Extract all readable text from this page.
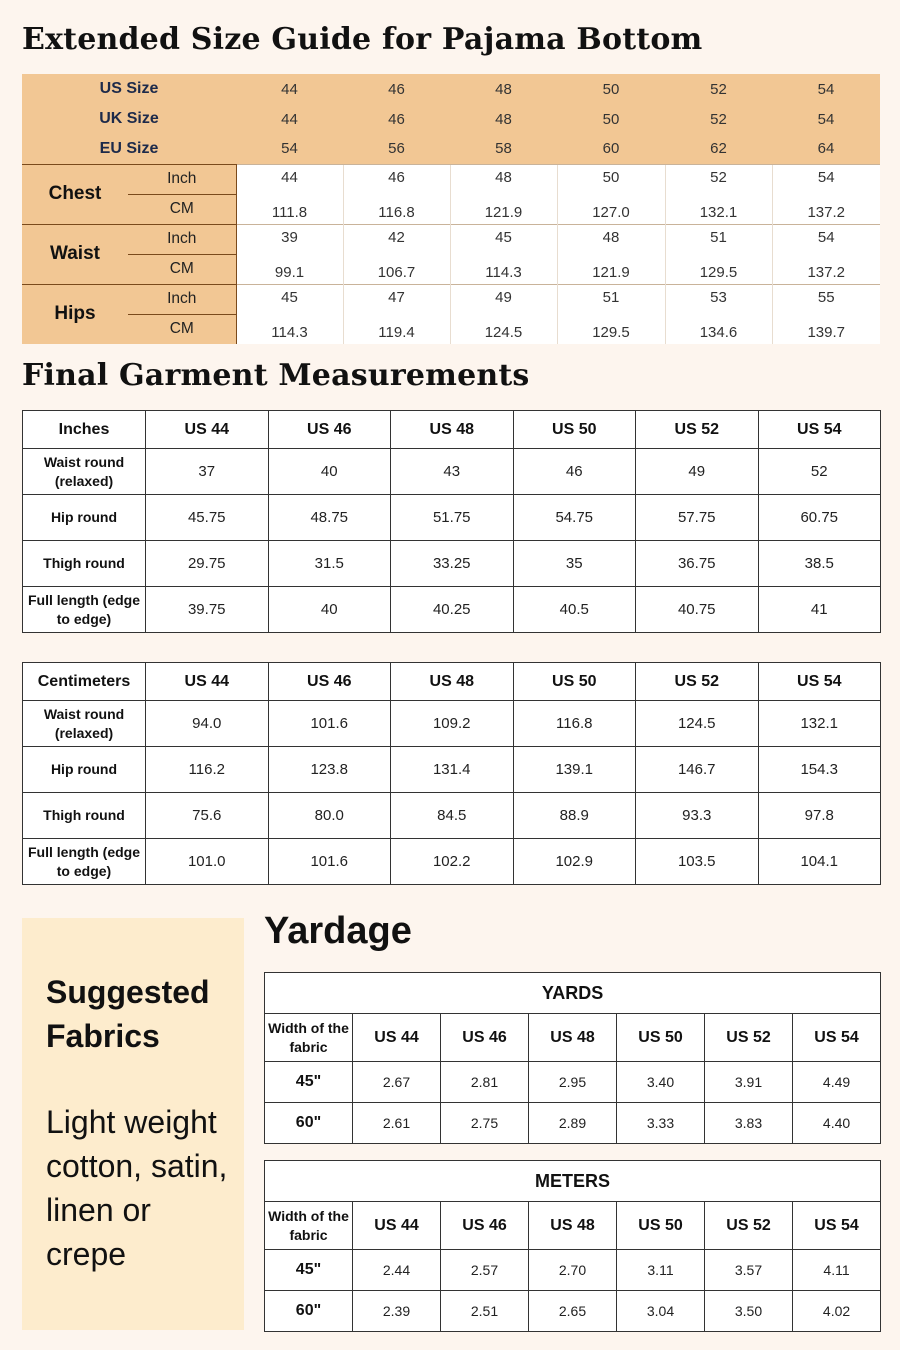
Extended Size Guide for Pajama Bottom
US Size		44	46	48	50	52	54
UK Size		44	46	48	50	52	54
EU Size		54	56	58	60	62	64
Chest	Inch	44	46	48	50	52	54
	CM	111.8	116.8	121.9	127.0	132.1	137.2
Waist	Inch	39	42	45	48	51	54
	CM	99.1	106.7	114.3	121.9	129.5	137.2
Hips	Inch	45	47	49	51	53	55
	CM	114.3	119.4	124.5	129.5	134.6	139.7
Final Garment Measurements
Inches	US 44	US 46	US 48	US 50	US 52	US 54
Waist round (relaxed)	37	40	43	46	49	52
Hip round	45.75	48.75	51.75	54.75	57.75	60.75
Thigh round	29.75	31.5	33.25	35	36.75	38.5
Full length (edge to edge)	39.75	40	40.25	40.5	40.75	41
Centimeters	US 44	US 46	US 48	US 50	US 52	US 54
Waist round (relaxed)	94.0	101.6	109.2	116.8	124.5	132.1
Hip round	116.2	123.8	131.4	139.1	146.7	154.3
Thigh round	75.6	80.0	84.5	88.9	93.3	97.8
Full length (edge to edge)	101.0	101.6	102.2	102.9	103.5	104.1
Suggested Fabrics
Light weight cotton, satin, linen or crepe
Yardage
YARDS						
Width of the fabric	US 44	US 46	US 48	US 50	US 52	US 54
45"	2.67	2.81	2.95	3.40	3.91	4.49
60"	2.61	2.75	2.89	3.33	3.83	4.40
METERS						
Width of the fabric	US 44	US 46	US 48	US 50	US 52	US 54
45"	2.44	2.57	2.70	3.11	3.57	4.11
60"	2.39	2.51	2.65	3.04	3.50	4.02
